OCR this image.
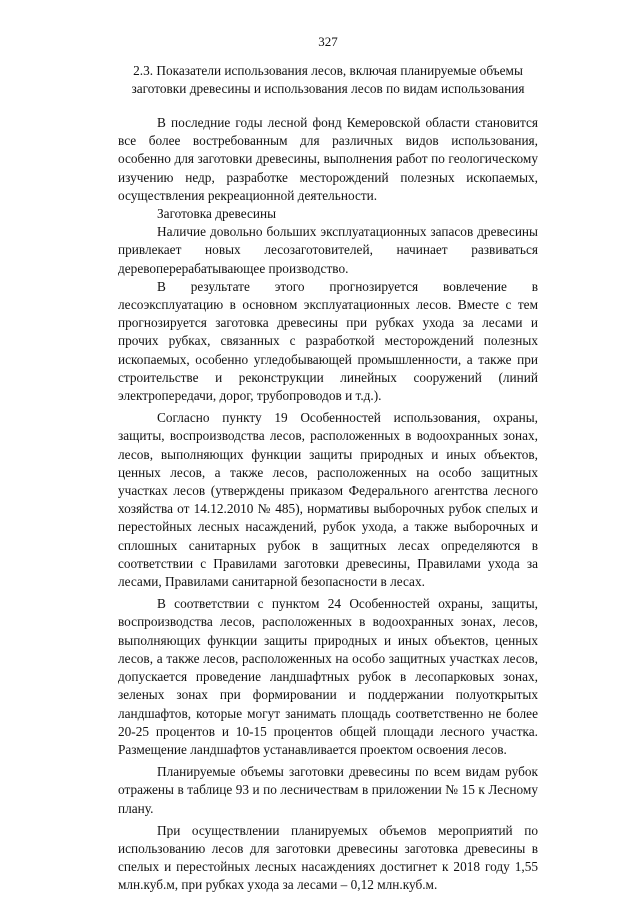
327
2.3. Показатели использования лесов, включая планируемые объемы заготовки древесины и использования лесов по видам использования

В последние годы лесной фонд Кемеровской области становится все более востребованным для различных видов использования, особенно для заготовки древесины, выполнения работ по геологическому изучению недр, разработке месторождений полезных ископаемых, осуществления рекреационной деятельности.

Заготовка древесины

Наличие довольно больших эксплуатационных запасов древесины привлекает новых лесозаготовителей, начинает развиваться деревоперерабатывающее производство.

В результате этого прогнозируется вовлечение в лесоэксплуатацию в основном эксплуатационных лесов. Вместе с тем прогнозируется заготовка древесины при рубках ухода за лесами и прочих рубках, связанных с разработкой месторождений полезных ископаемых, особенно угледобывающей промышленности, а также при строительстве и реконструкции линейных сооружений (линий электропередачи, дорог, трубопроводов и т.д.).

Согласно пункту 19 Особенностей использования, охраны, защиты, воспроизводства лесов, расположенных в водоохранных зонах, лесов, выполняющих функции защиты природных и иных объектов, ценных лесов, а также лесов, расположенных на особо защитных участках лесов (утверждены приказом Федерального агентства лесного хозяйства от 14.12.2010 № 485), нормативы выборочных рубок спелых и перестойных лесных насаждений, рубок ухода, а также выборочных и сплошных санитарных рубок в защитных лесах определяются в соответствии с Правилами заготовки древесины, Правилами ухода за лесами, Правилами санитарной безопасности в лесах.

В соответствии с пунктом 24 Особенностей охраны, защиты, воспроизводства лесов, расположенных в водоохранных зонах, лесов, выполняющих функции защиты природных и иных объектов, ценных лесов, а также лесов, расположенных на особо защитных участках лесов, допускается проведение ландшафтных рубок в лесопарковых зонах, зеленых зонах при формировании и поддержании полуоткрытых ландшафтов, которые могут занимать площадь соответственно не более 20-25 процентов и 10-15 процентов общей площади лесного участка. Размещение ландшафтов устанавливается проектом освоения лесов.

Планируемые объемы заготовки древесины по всем видам рубок отражены в таблице 93 и по лесничествам в приложении № 15 к Лесному плану.

При осуществлении планируемых объемов мероприятий по использованию лесов для заготовки древесины заготовка древесины в спелых и перестойных лесных насаждениях достигнет к 2018 году 1,55 млн.куб.м, при рубках ухода за лесами – 0,12 млн.куб.м.
